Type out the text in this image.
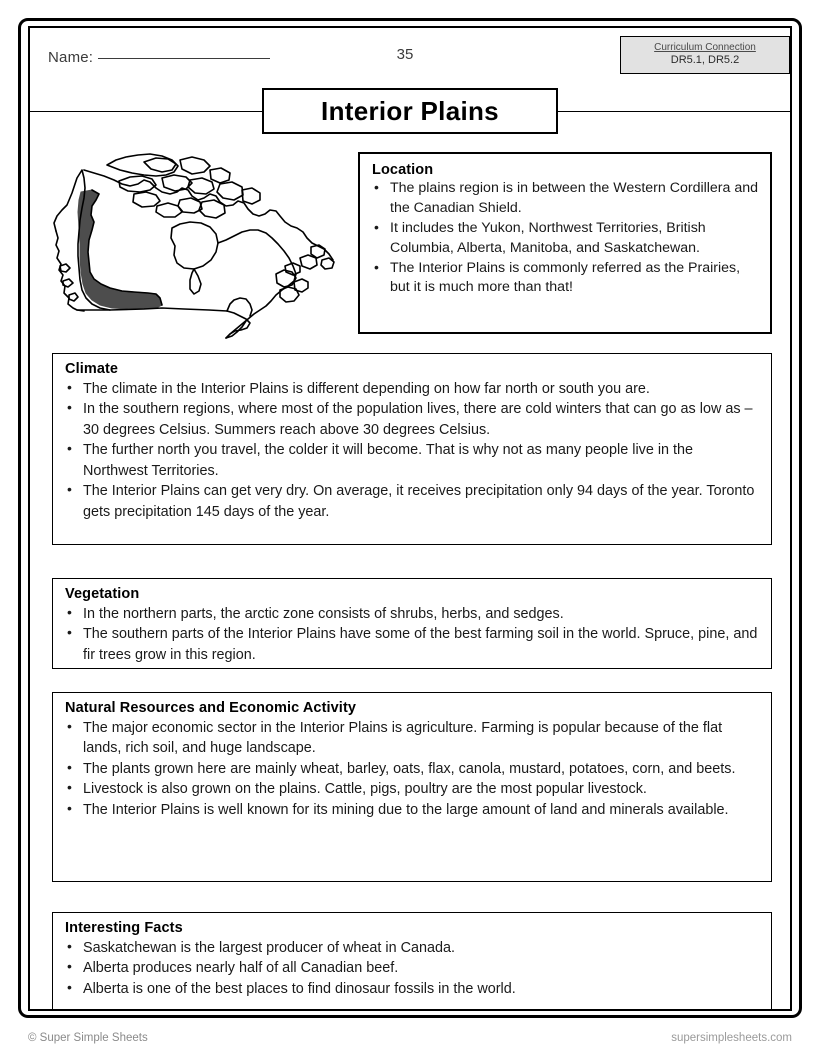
Name:	35	Curriculum Connection
DR5.1, DR5.2
Interior Plains
Location
• The plains region is in between the Western Cordillera and the Canadian Shield.
• It includes the Yukon, Northwest Territories, British Columbia, Alberta, Manitoba, and Saskatchewan.
• The Interior Plains is commonly referred as the Prairies, but it is much more than that!
Climate
• The climate in the Interior Plains is different depending on how far north or south you are.
• In the southern regions, where most of the population lives, there are cold winters that can go as low as –30 degrees Celsius. Summers reach above 30 degrees Celsius.
• The further north you travel, the colder it will become. That is why not as many people live in the Northwest Territories.
• The Interior Plains can get very dry. On average, it receives precipitation only 94 days of the year. Toronto gets precipitation 145 days of the year.
Vegetation
• In the northern parts, the arctic zone consists of shrubs, herbs, and sedges.
• The southern parts of the Interior Plains have some of the best farming soil in the world. Spruce, pine, and fir trees grow in this region.
Natural Resources and Economic Activity
• The major economic sector in the Interior Plains is agriculture. Farming is popular because of the flat lands, rich soil, and huge landscape.
• The plants grown here are mainly wheat, barley, oats, flax, canola, mustard, potatoes, corn, and beets.
• Livestock is also grown on the plains. Cattle, pigs, poultry are the most popular livestock.
• The Interior Plains is well known for its mining due to the large amount of land and minerals available.
Interesting Facts
• Saskatchewan is the largest producer of wheat in Canada.
• Alberta produces nearly half of all Canadian beef.
• Alberta is one of the best places to find dinosaur fossils in the world.
© Super Simple Sheets	supersimplesheets.com
